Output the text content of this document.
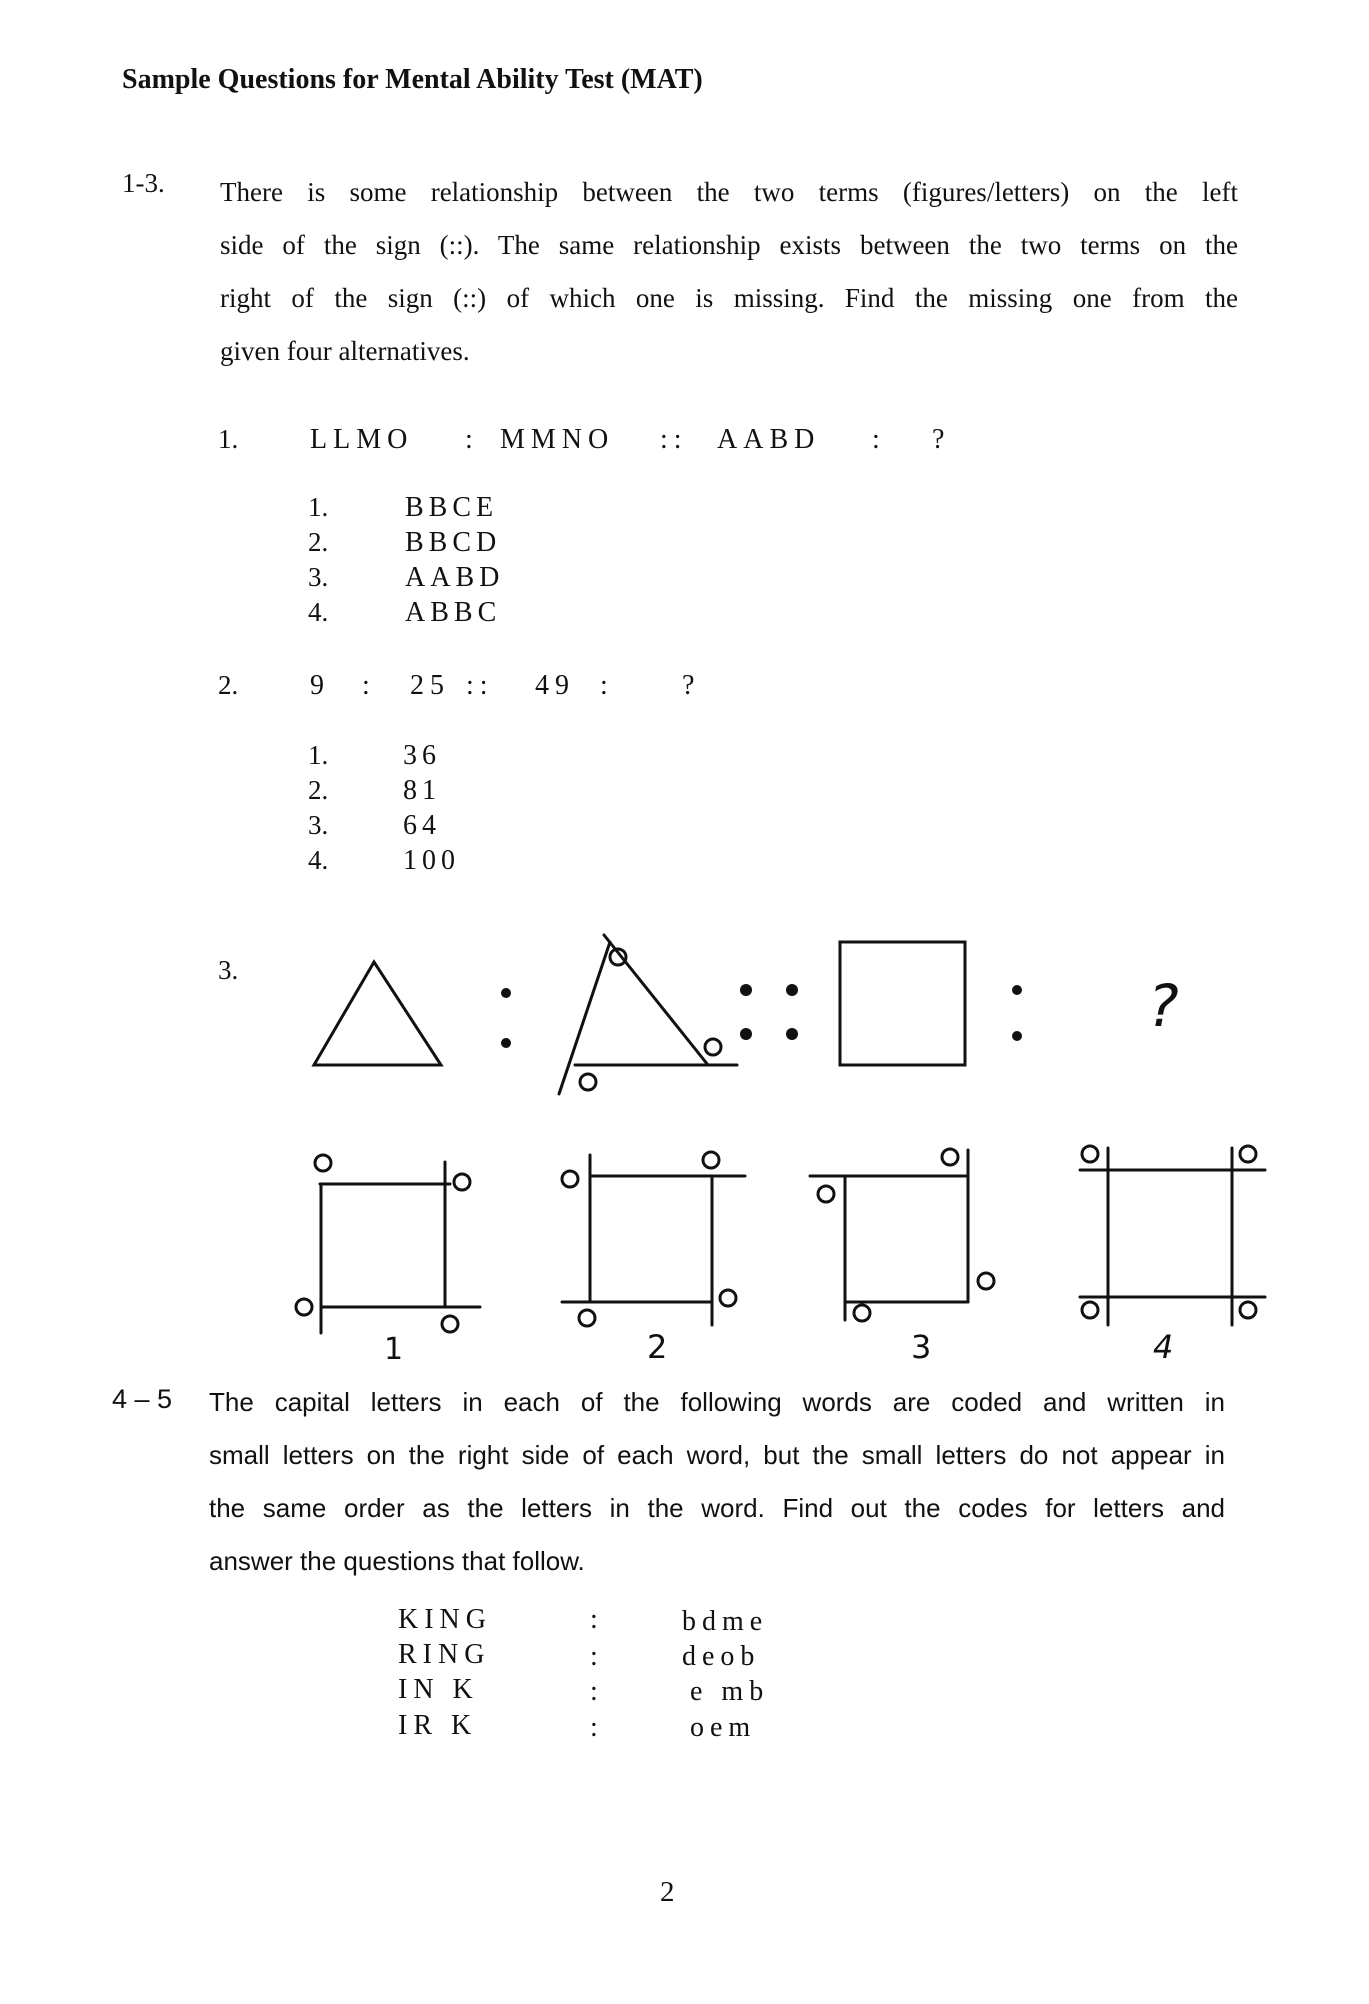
Sample Questions for Mental Ability Test (MAT)
1-3. There is some relationship between the two terms (figures/letters) on the left
side of the sign (::). The same relationship exists between the two terms on the
right of the sign (::) of which one is missing. Find the missing one from the
given four alternatives.
1.	LLMO : MMNO :: AABD : ?
1.	BBCE
2.	BBCD
3.	AABD
4.	ABBC
2.	9 : 25 :: 49 : ?
1.	36
2.	81
3.	64
4.	100
3.
?
1	2	3	4
4 – 5 The capital letters in each of the following words are coded and written in
small letters on the right side of each word, but the small letters do not appear in
the same order as the letters in the word. Find out the codes for letters and
answer the questions that follow.
KING	:	bdme
RING	:	deob
IN K	:	e mb
IR K	:	oem
2
